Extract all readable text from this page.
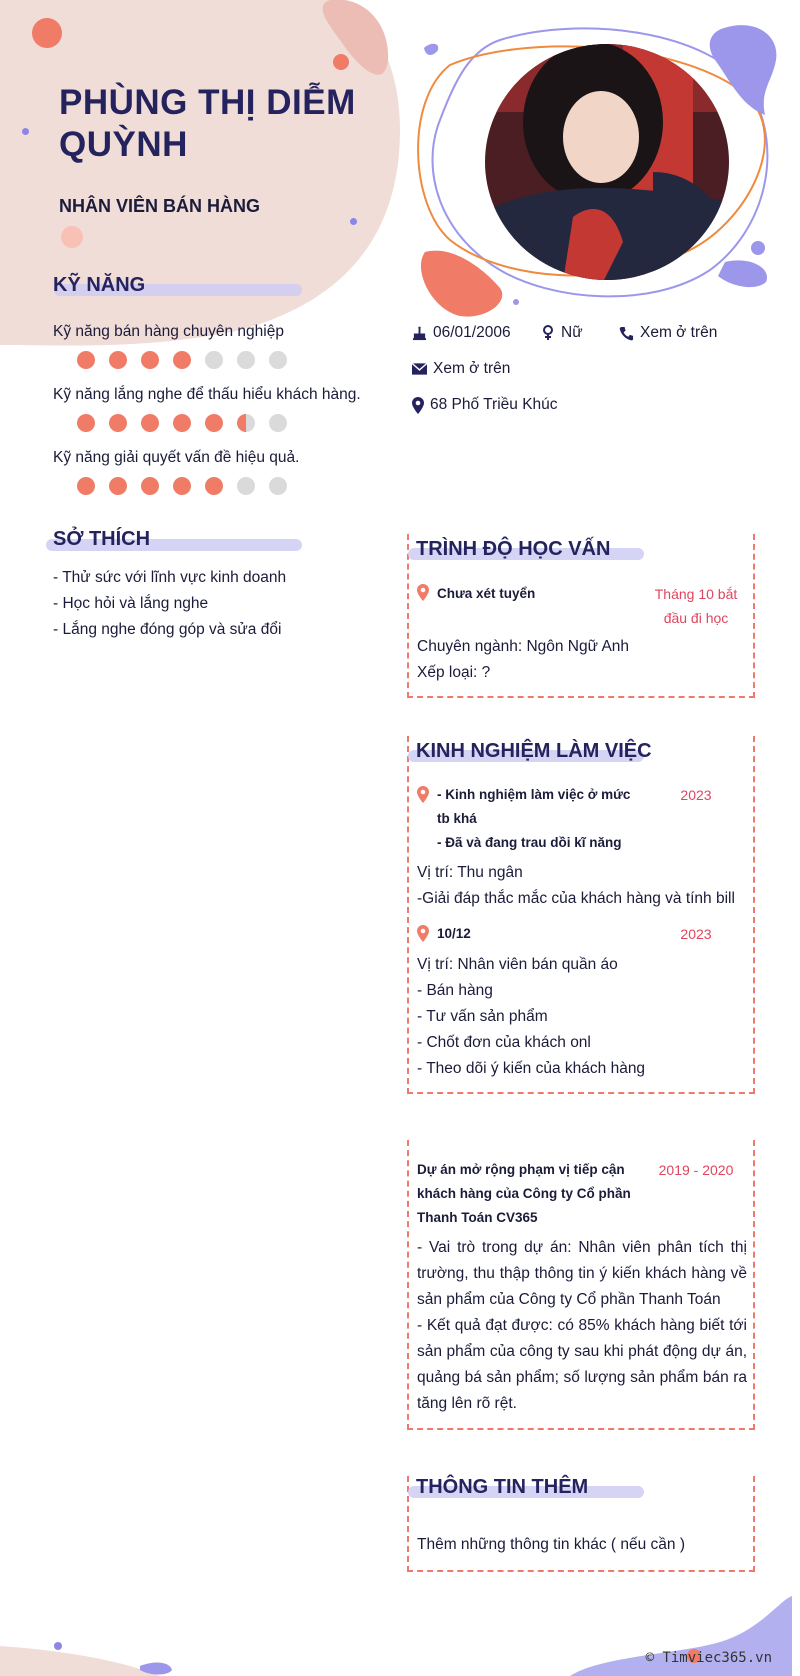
PHÙNG THỊ DIỄM QUỲNH
NHÂN VIÊN BÁN HÀNG
06/01/2006	Nữ	Xem ở trên
Xem ở trên
68 Phố Triều Khúc
KỸ NĂNG
Kỹ năng bán hàng chuyên nghiệp
Kỹ năng lắng nghe để thấu hiểu khách hàng.
Kỹ năng giải quyết vấn đề hiệu quả.
SỞ THÍCH
- Thử sức với lĩnh vực kinh doanh
- Học hỏi và lắng nghe
- Lắng nghe đóng góp và sửa đổi
TRÌNH ĐỘ HỌC VẤN
Chưa xét tuyển	Tháng 10 bắt
đầu đi học
Chuyên ngành: Ngôn Ngữ Anh
Xếp loại: ?
KINH NGHIỆM LÀM VIỆC
- Kinh nghiệm làm việc ở mức
tb khá
- Đã và đang trau dồi kĩ năng
2023
Vị trí: Thu ngân
-Giải đáp thắc mắc của khách hàng và tính bill
10/12	2023
Vị trí: Nhân viên bán quần áo
- Bán hàng
- Tư vấn sản phẩm
- Chốt đơn của khách onl
- Theo dõi ý kiến của khách hàng
Dự án mở rộng phạm vị tiếp cận
khách hàng của Công ty Cổ phần
Thanh Toán CV365
2019 - 2020
- Vai trò trong dự án: Nhân viên phân tích thị trường, thu thập thông tin ý kiến khách hàng về sản phẩm của Công ty Cổ phần Thanh Toán
- Kết quả đạt được: có 85% khách hàng biết tới sản phẩm của công ty sau khi phát động dự án, quảng bá sản phẩm; số lượng sản phẩm bán ra tăng lên rõ rệt.
THÔNG TIN THÊM
Thêm những thông tin khác ( nếu cần )
© Timviec365.vn
